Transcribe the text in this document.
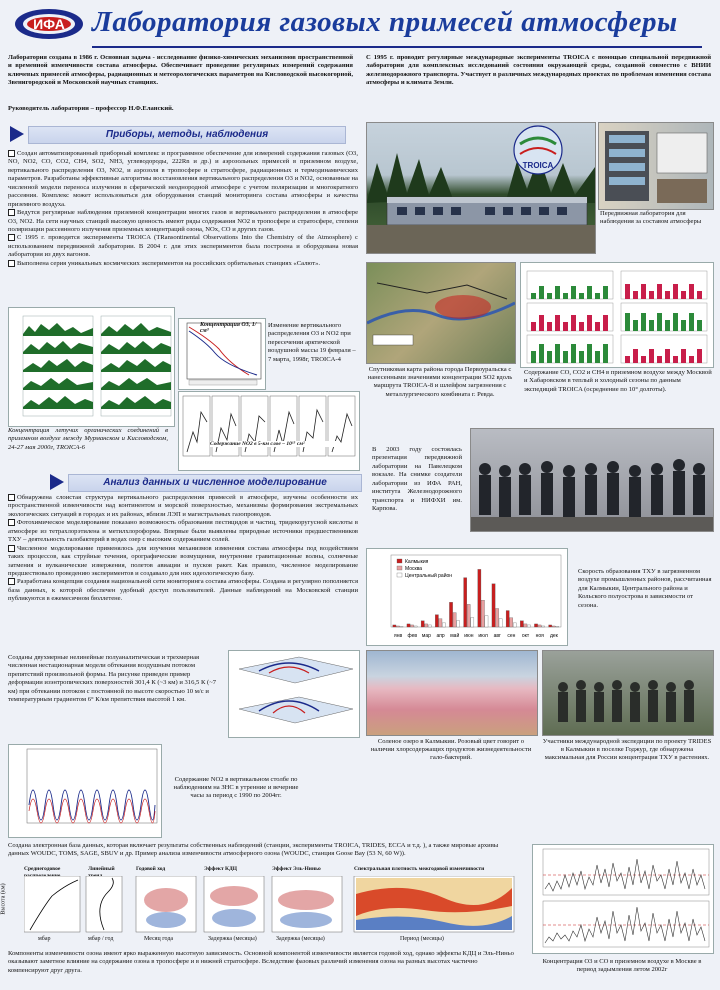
ИФА Лаборатория газовых примесей атмосферы
Лаборатория создана в 1986 г. Основная задача - исследование физико-химических механизмов пространственной и временной изменчивости состава атмосферы. Обеспечивает проведение регулярных измерений содержания ключевых примесей атмосферы, радиационных и метеорологических параметров на Кисловодской высокогорной, Звенигородской и Московской научных станциях.
С 1995 г. проводит регулярные международные эксперименты TROICA с помощью специальной передвижной лаборатории для комплексных исследований состояния окружающей среды, созданной совместно с ВНИИ железнодорожного транспорта. Участвует в различных международных проектах по проблемам изменения состава атмосферы и климата Земли.
Руководитель лаборатории – профессор Н.Ф.Еланский.
Приборы, методы, наблюдения
Создан автоматизированный приборный комплекс и программное обеспечение для измерений содержания газовых (O3, NO, NO2, CO, CO2, CH4, SO2, NH3, углеводороды, 222Rn и др.) и аэрозольных примесей в приземном воздухе, вертикального распределения O3, NO2, и аэрозоля в тропосфере и стратосфере, радиационных и термодинамических параметров. Разработаны эффективные алгоритмы восстановления вертикального распределения O3 и NO2, основанные на численной модели переноса излучения в сферической неоднородной атмосфере с учетом поляризации и многократного рассеяния. Комплекс может использоваться для оборудования станций мониторинга состава атмосферы и качества приземного воздуха.
Ведутся регулярные наблюдения приземной концентрации многих газов и вертикального распределения в атмосфере O3, NO2. На сети научных станций высокую ценность имеют ряды содержания NO2 в тропосфере и стратосфере, степени поляризации рассеянного излучения приземных концентраций озона, NOx, CO и других газов.
С 1995 г. проводятся эксперименты TROICA (TRansontinental Observations Into the Chemistry of the Atmosphere) с использованием передвижной лаборатории. В 2004 г. для этих экспериментов была построена и оборудована новая лаборатория из двух вагонов.
Выполнена серия уникальных космических экспериментов на российских орбитальных станциях «Салют».
Концентрация летучих органических соединений в приземном воздухе между Мурманском и Кисловодском, 24-27 мая 2000г, TROICA-6
Концентрация O3, 1/см³
Изменение вертикального распределения O3 и NO2 при пересечении арктической воздушной массы 19 февраля – 7 марта, 1998г, TROICA-4
Содержание NO2 в 5-км слое – 10¹⁵ см²
TROICA
Передвижная лаборатория для наблюдения за составом атмосферы
Спутниковая карта района города Первоуральска с нанесенными значениями концентрации SO2 вдоль маршрута TROICA-8 и шлейфом загрязнения с металлургического комбината г. Ревда.
Содержание CO, CO2 и CH4 в приземном воздухе между Москвой и Хабаровском в теплый и холодный сезоны по данным экспедиций TROICA (осреднение по 10° долготы).
В 2003 году состоялась презентация передвижной лаборатории на Павелецком вокзале. На снимке создатели лаборатории из ИФА РАН, института Железнодорожного транспорта и НИФХИ им. Карпова.
Анализ данных и численное моделирование
Обнаружена слоистая структура вертикального распределения примесей в атмосфере, изучены особенности их пространственной изменчивости над континентом и морской поверхностью, механизмы формирования экстремальных экологических ситуаций в городах и их районах, вблизи ЛЭП и магистральных газопроводов.
Фотохимическое моделирование показано возможность образования пестицидов и частиц, тридекоругусной кислоты в атмосфере из тетрахлорэтилена и метилхлороформа. Впервые были выявлены природные источники предшественников ТХУ – деятельность галобактерий в водах озер с высоким содержанием солей.
Численное моделирование применялось для изучения механизмов изменения состава атмосферы под воздействием таких процессов, как струйные течения, орографические возмущения, внутренние гравитационные волны, солнечные затмения и вулканические извержения, полетов авиации и пусков ракет. Как правило, численное моделирование предшествовало проведению экспериментов и создавало для них идеологическую базу.
Разработана концепция создания национальной сети мониторинга состава атмосферы. Создана и регулярно пополняется база данных, к которой обеспечен удобный доступ пользователей. Данные наблюдений на Московской станции публикуются в ежемесячном бюллетене.
янв фев мар апр май июн июл авг сен окт ноя дек
Калмыкия
Москва
Центральный район
Скорость образования ТХУ в загрязненном воздухе промышленных районов, рассчитанная для Калмыкии, Центрального района и Кольского полуострова в зависимости от сезона.
Созданы двухмерные нелинейные полуаналитическая и трехмерная численная нестационарная модели обтекания воздушным потоком препятствий произвольной формы. На рисунке приведен пример деформации изэнтропических поверхностей 301,4 К (~3 км) и 316,5 К (~7 км) при обтекании потоком с постоянной по высоте скоростью 10 м/с и температурным градиентом 6° К/км препятствия высотой 1 км.
Соленое озеро в Калмыкии. Розовый цвет говорит о наличии хлорсодержащих продуктов жизнедеятельности гало-бактерий.
Участники международной экспедиции по проекту TRIDES в Калмыкии в поселке Годжур, где обнаружена максимальная для России концентрация ТХУ в растениях.
Содержание NO2 в вертикальном столбе по наблюдениям на ЗНС в утренние и вечерние часы за период с 1990 по 2004гг.
Создана электронная база данных, которая включает результаты собственных наблюдений (станции, эксперименты TROICA, TRIDES, ЕССА и т.д. ), а также мировые архивы данных WOUDC, TOMS, SAGE, SBUV и др. Пример анализа изменчивости атмосферного озона (WOUDC, станция Goose Bay (53 N, 60 W)).
Высота (км)
Среднегодовое	Линейный	Годовой ход	Эффект КДЦ	Эффект Эль-Ниньо	Спектральная плотность межгодовой изменчивости
мбар	мбар / год	Месяц года	Задержка (месяцы)	Задержка (месяцы)	Период (месяцы)
Компоненты изменчивости озона имеют ярко выраженную высотную зависимость. Основной компонентой изменчивости является годовой ход, однако эффекты КДЦ и Эль-Ниньо оказывают заметное влияние на содержание озона в тропосфере и в нижней стратосфере. Вследствие фазовых различий изменения озона на разных высотах частично компенсируют друг друга.
Концентрация O3 и CO в приземном воздухе в Москве в период задымления летом 2002г
